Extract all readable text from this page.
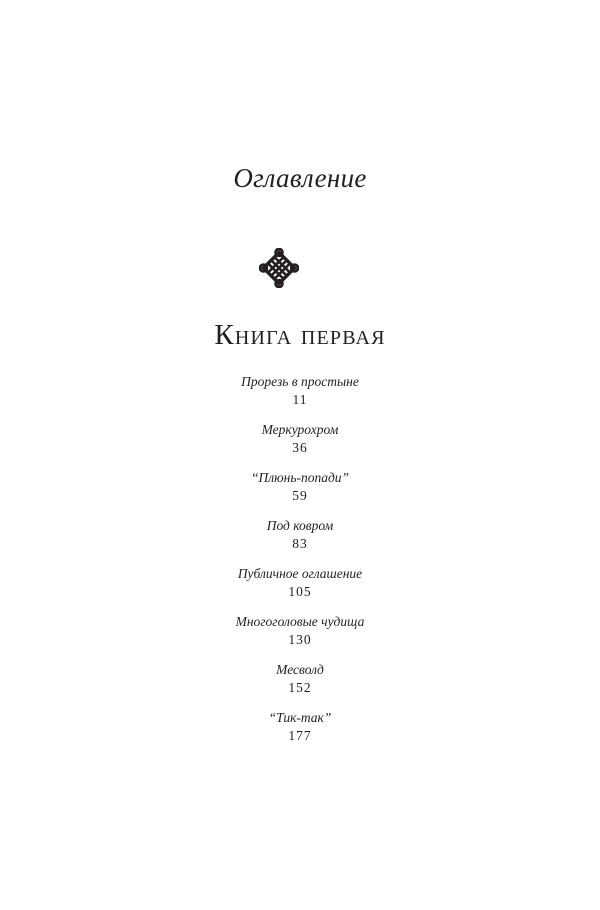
Оглавление
Книга первая
Прорезь в простыне
11
Меркурохром
36
“Плюнь-попади”
59
Под ковром
83
Публичное оглашение
105
Многоголовые чудища
130
Месволд
152
“Тик-так”
177
